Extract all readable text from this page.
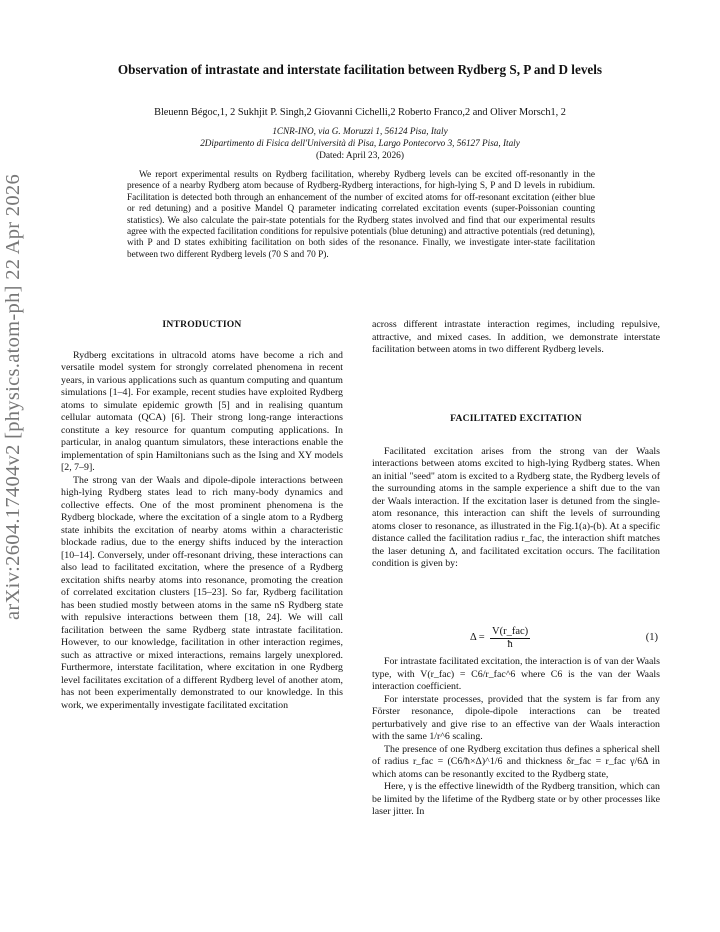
arXiv:2604.17404v2 [physics.atom-ph] 22 Apr 2026
Observation of intrastate and interstate facilitation between Rydberg S, P and D levels
Bleuenn Bégoc,1, 2 Sukhjit P. Singh,2 Giovanni Cichelli,2 Roberto Franco,2 and Oliver Morsch1, 2
1CNR-INO, via G. Moruzzi 1, 56124 Pisa, Italy
2Dipartimento di Fisica dell'Università di Pisa, Largo Pontecorvo 3, 56127 Pisa, Italy
(Dated: April 23, 2026)

We report experimental results on Rydberg facilitation, whereby Rydberg levels can be excited off-resonantly in the presence of a nearby Rydberg atom because of Rydberg-Rydberg interactions, for high-lying S, P and D levels in rubidium. Facilitation is detected both through an enhancement of the number of excited atoms for off-resonant excitation (either blue or red detuning) and a positive Mandel Q parameter indicating correlated excitation events (super-Poissonian counting statistics). We also calculate the pair-state potentials for the Rydberg states involved and find that our experimental results agree with the expected facilitation conditions for repulsive potentials (blue detuning) and attractive potentials (red detuning), with P and D states exhibiting facilitation on both sides of the resonance. Finally, we investigate inter-state facilitation between two different Rydberg levels (70 S and 70 P).

INTRODUCTION

Rydberg excitations in ultracold atoms have become a rich and versatile model system for strongly correlated phenomena in recent years, in various applications such as quantum computing and quantum simulations [1–4]. For example, recent studies have exploited Rydberg atoms to simulate epidemic growth [5] and in realising quantum cellular automata (QCA) [6]. Their strong long-range interactions constitute a key resource for quantum computing applications. In particular, in analog quantum simulators, these interactions enable the implementation of spin Hamiltonians such as the Ising and XY models [2, 7–9].

The strong van der Waals and dipole-dipole interactions between high-lying Rydberg states lead to rich many-body dynamics and collective effects. One of the most prominent phenomena is the Rydberg blockade, where the excitation of a single atom to a Rydberg state inhibits the excitation of nearby atoms within a characteristic blockade radius, due to the energy shifts induced by the interaction [10–14]. Conversely, under off-resonant driving, these interactions can also lead to facilitated excitation, where the presence of a Rydberg excitation shifts nearby atoms into resonance, promoting the creation of correlated excitation clusters [15–23]. So far, Rydberg facilitation has been studied mostly between atoms in the same nS Rydberg state with repulsive interactions between them [18, 24]. We will call facilitation between the same Rydberg state intrastate facilitation. However, to our knowledge, facilitation in other interaction regimes, such as attractive or mixed interactions, remains largely unexplored. Furthermore, interstate facilitation, where excitation in one Rydberg level facilitates excitation of a different Rydberg level of another atom, has not been experimentally demonstrated to our knowledge. In this work, we experimentally investigate facilitated excitation

across different intrastate interaction regimes, including repulsive, attractive, and mixed cases. In addition, we demonstrate interstate facilitation between atoms in two different Rydberg levels.

FACILITATED EXCITATION

Facilitated excitation arises from the strong van der Waals interactions between atoms excited to high-lying Rydberg states. When an initial "seed" atom is excited to a Rydberg state, the Rydberg levels of the surrounding atoms in the sample experience a shift due to the van der Waals interaction. If the excitation laser is detuned from the single-atom resonance, this interaction can shift the levels of surrounding atoms closer to resonance, as illustrated in the Fig.1(a)-(b). At a specific distance called the facilitation radius r_fac, the interaction shift matches the laser detuning Δ, and facilitated excitation occurs. The facilitation condition is given by:

Δ =
V(r_fac)
ħ
(1)

For intrastate facilitated excitation, the interaction is of van der Waals type, with V(r_fac) = C6/r_fac^6 where C6 is the van der Waals interaction coefficient.

For interstate processes, provided that the system is far from any Förster resonance, dipole-dipole interactions can be treated perturbatively and give rise to an effective van der Waals interaction with the same 1/r^6 scaling.

The presence of one Rydberg excitation thus defines a spherical shell of radius r_fac = (C6/ħ×Δ)^1/6 and thickness δr_fac = r_fac γ/6Δ in which atoms can be resonantly excited to the Rydberg state,

Here, γ is the effective linewidth of the Rydberg transition, which can be limited by the lifetime of the Rydberg state or by other processes like laser jitter. In
